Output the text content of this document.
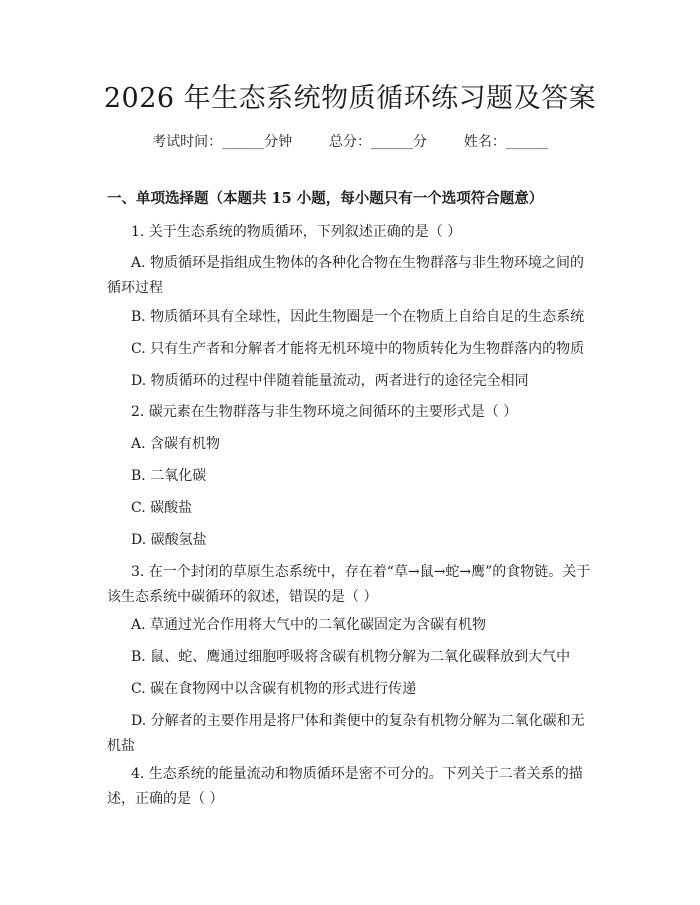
2026 年生态系统物质循环练习题及答案
考试时间：______分钟	总分：______分	姓名：______
一、单项选择题（本题共 15 小题，每小题只有一个选项符合题意）
1. 关于生态系统的物质循环，下列叙述正确的是（ ）
A. 物质循环是指组成生物体的各种化合物在生物群落与非生物环境之间的循环过程
B. 物质循环具有全球性，因此生物圈是一个在物质上自给自足的生态系统
C. 只有生产者和分解者才能将无机环境中的物质转化为生物群落内的物质
D. 物质循环的过程中伴随着能量流动，两者进行的途径完全相同
2. 碳元素在生物群落与非生物环境之间循环的主要形式是（ ）
A. 含碳有机物
B. 二氧化碳
C. 碳酸盐
D. 碳酸氢盐
3. 在一个封闭的草原生态系统中，存在着“草→鼠→蛇→鹰”的食物链。关于该生态系统中碳循环的叙述，错误的是（ ）
A. 草通过光合作用将大气中的二氧化碳固定为含碳有机物
B. 鼠、蛇、鹰通过细胞呼吸将含碳有机物分解为二氧化碳释放到大气中
C. 碳在食物网中以含碳有机物的形式进行传递
D. 分解者的主要作用是将尸体和粪便中的复杂有机物分解为二氧化碳和无机盐
4. 生态系统的能量流动和物质循环是密不可分的。下列关于二者关系的描述，正确的是（ ）
